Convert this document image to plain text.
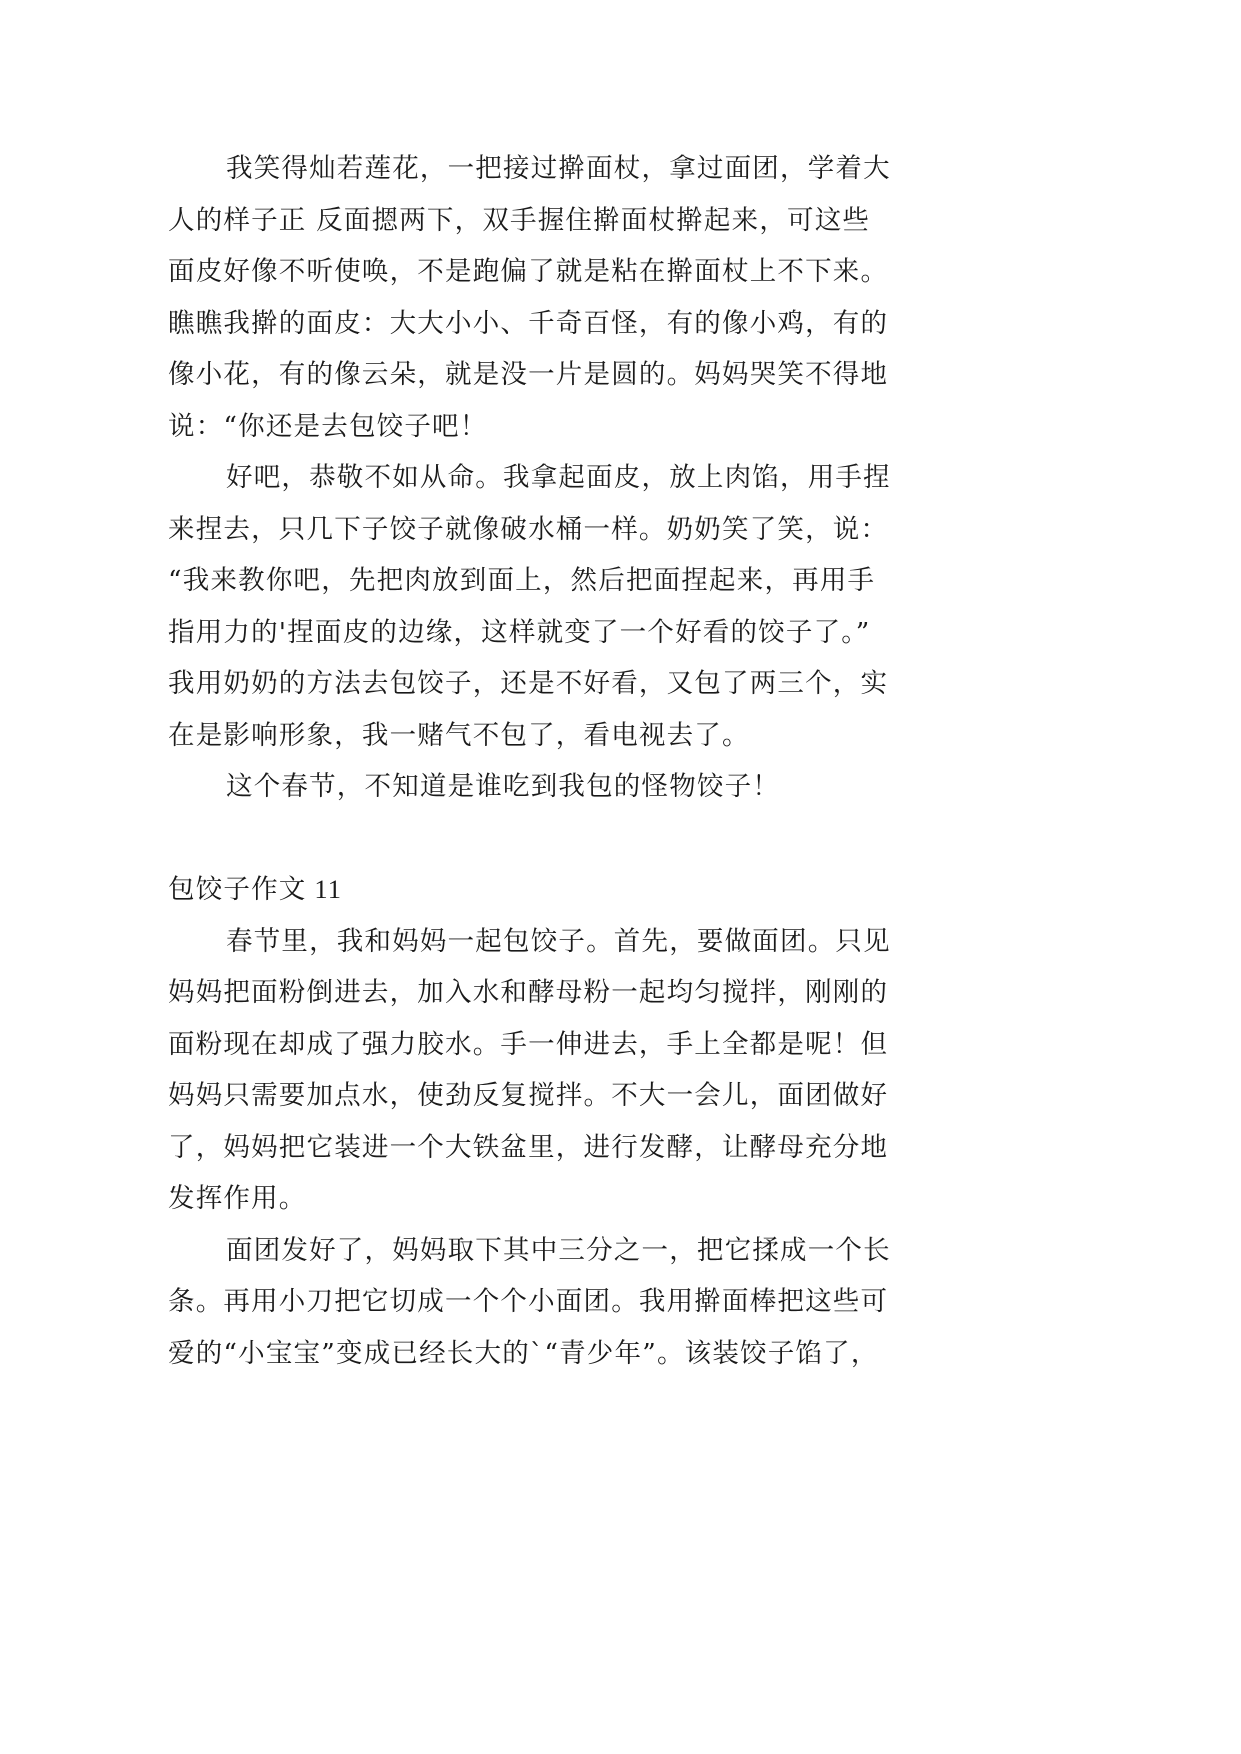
我笑得灿若莲花，一把接过擀面杖，拿过面团，学着大
人的样子正 反面摁两下，双手握住擀面杖擀起来，可这些
面皮好像不听使唤，不是跑偏了就是粘在擀面杖上不下来。
瞧瞧我擀的面皮：大大小小、千奇百怪，有的像小鸡，有的
像小花，有的像云朵，就是没一片是圆的。妈妈哭笑不得地
说：“你还是去包饺子吧！
好吧，恭敬不如从命。我拿起面皮，放上肉馅，用手捏
来捏去，只几下子饺子就像破水桶一样。奶奶笑了笑，说：
“我来教你吧，先把肉放到面上，然后把面捏起来，再用手
指用力的'捏面皮的边缘，这样就变了一个好看的饺子了。”
我用奶奶的方法去包饺子，还是不好看，又包了两三个，实
在是影响形象，我一赌气不包了，看电视去了。
这个春节，不知道是谁吃到我包的怪物饺子！
包饺子作文 11
春节里，我和妈妈一起包饺子。首先，要做面团。只见
妈妈把面粉倒进去，加入水和酵母粉一起均匀搅拌，刚刚的
面粉现在却成了强力胶水。手一伸进去，手上全都是呢！但
妈妈只需要加点水，使劲反复搅拌。不大一会儿，面团做好
了，妈妈把它装进一个大铁盆里，进行发酵，让酵母充分地
发挥作用。
面团发好了，妈妈取下其中三分之一，把它揉成一个长
条。再用小刀把它切成一个个小面团。我用擀面棒把这些可
爱的“小宝宝”变成已经长大的`“青少年”。该装饺子馅了，
